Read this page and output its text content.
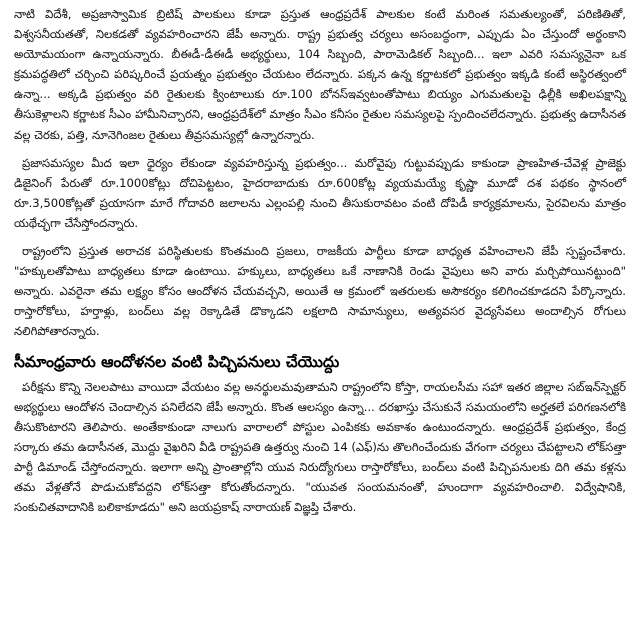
నాటి విదేశీ, అప్రజాస్వామిక బ్రిటిష్ పాలకులు కూడా ప్రస్తుత ఆంధ్రప్రదేశ్ పాలకుల కంటే మరింత సమతుల్యంతో, పరిణితితో, విశ్వసనీయతతో, నిలకడతో వ్యవహరించారని జేపీ అన్నారు. రాష్ట్ర ప్రభుత్వ చర్యలు అసంబద్ధంగా, ఎప్పుడు ఏం చేస్తుందో అర్థంకాని అయోమయంగా ఉన్నాయన్నారు. బీఈడీ-డీఈడీ అభ్యర్థులు, 104 సిబ్బంది, పారామెడికల్ సిబ్బంది... ఇలా ఎవరి సమస్యనైనా ఒక క్రమపద్ధతిలో చర్చించి పరిష్కరించే ప్రయత్నం ప్రభుత్వం చేయటం లేదన్నారు. పక్కన ఉన్న కర్ణాటకలో ప్రభుత్వం ఇక్కడి కంటే అస్థిరత్వంలో ఉన్నా... అక్కడి ప్రభుత్వం వరి రైతులకు క్వింటాలుకు రూ.100 బోనస్‌ఇవ్వటంతోపాటు బియ్యం ఎగుమతులపై ఢిల్లీకి అఖిలపక్షాన్ని తీసుకెళ్లాలని కర్ణాటక సీఎం హామీనిచ్చారని, ఆంధ్రప్రదేశ్‌లో మాత్రం సీఎం కనీసం రైతుల సమస్యలపై స్పందించలేదన్నారు. ప్రభుత్వ ఉదాసీనత వల్ల చెరకు, పత్తి, నూనెగింజల రైతులు తీవ్రసమస్యల్లో ఉన్నారన్నారు.

ప్రజాసమస్యల మీద ఇలా ధైర్యం లేకుండా వ్యవహరిస్తున్న ప్రభుత్వం... మరోవైపు గుట్టువప్పుడు కాకుండా ప్రాణహిత-చేవెళ్ల ప్రాజెక్టు డిజైనింగ్ పేరుతో రూ.1000కోట్లు దోచిపెట్టటం, హైదరాబాదుకు రూ.600కోట్ల వ్యయమయ్యే కృష్ణా మూడో దశ పథకం స్థానంలో రూ.3,500కోట్లతో ప్రయాసగా మారే గోదావరి జలాలను ఎల్లంపల్లి నుంచి తీసుకురావటం వంటి దోపిడీ కార్యక్రమాలను, సైరవిలను మాత్రం యథేచ్ఛగా చేసేస్తోందన్నారు.

రాష్ట్రంలోని ప్రస్తుత అరాచక పరిస్థితులకు కొంతమంది ప్రజలు, రాజకీయ పార్టీలు కూడా బాధ్యత వహించాలని జేపీ స్పష్టంచేశారు. "హక్కులతోపాటు బాధ్యతలు కూడా ఉంటాయి. హక్కులు, బాధ్యతలు ఒకే నాణానికి రెండు వైపులు అని వారు మర్చిపోయినట్టుంది" అన్నారు. ఎవరైనా తమ లక్ష్యం కోసం ఆందోళన చేయవచ్చని, అయితే ఆ క్రమంలో ఇతరులకు అసౌకర్యం కలిగించకూడదని పేర్కొన్నారు. రాస్తారోకోలు, హర్తాళ్లు, బంద్‌లు వల్ల రెక్కాడితే డొక్కాడని లక్షలాది సామాన్యులు, అత్యవసర వైద్యసేవలు అందాల్సిన రోగులు నలిగిపోతారన్నారు.

సీమాంధ్రవారు ఆందోళనల వంటి పిచ్చిపనులు చేయొద్దు

పరీక్షను కొన్ని నెలలపాటు వాయిదా వేయటం వల్ల అనర్థులమవుతామని రాష్ట్రంలోని కోస్తా, రాయలసీమ సహా ఇతర జిల్లాల సబ్‌ఇన్‌స్పెక్టర్ అభ్యర్థులు ఆందోళన చెందాల్సిన పనిలేదని జేపీ అన్నారు. కొంత ఆలస్యం ఉన్నా... దరఖాస్తు చేసుకునే సమయంలోని అర్హతలే పరిగణనలోకి తీసుకొంటారని తెలిపారు. అంతేకాకుండా నాలుగు వారాలలో పోస్టుల ఎంపికకు అవకాశం ఉంటుందన్నారు. ఆంధ్రప్రదేశ్ ప్రభుత్వం, కేంద్ర సర్కారు తమ ఉదాసీనత, మొద్దు వైఖరిని వీడి రాష్ట్రపతి ఉత్తర్వు నుంచి 14 (ఎఫ్)ను తొలగించేందుకు వేగంగా చర్యలు చేపట్టాలని లోక్‌సత్తా పార్టీ డిమాండ్ చేస్తోందన్నారు. ఇలాగా అన్ని ప్రాంతాల్లోని యువ నిరుద్యోగులు రాస్తారోకోలు, బంద్‌లు వంటి పిచ్చిపనులకు దిగి తమ కళ్లను తమ వేళ్లతోనే పొడుచుకోవద్దని లోక్‌సత్తా కోరుతోందన్నారు. "యువత సంయమనంతో, హుందాగా వ్యవహరించాలి. విద్వేషానికి, సంకుచితవాదానికి బలికాకూడదు" అని జయప్రకాష్ నారాయణ్ విజ్ఞప్తి చేశారు.
